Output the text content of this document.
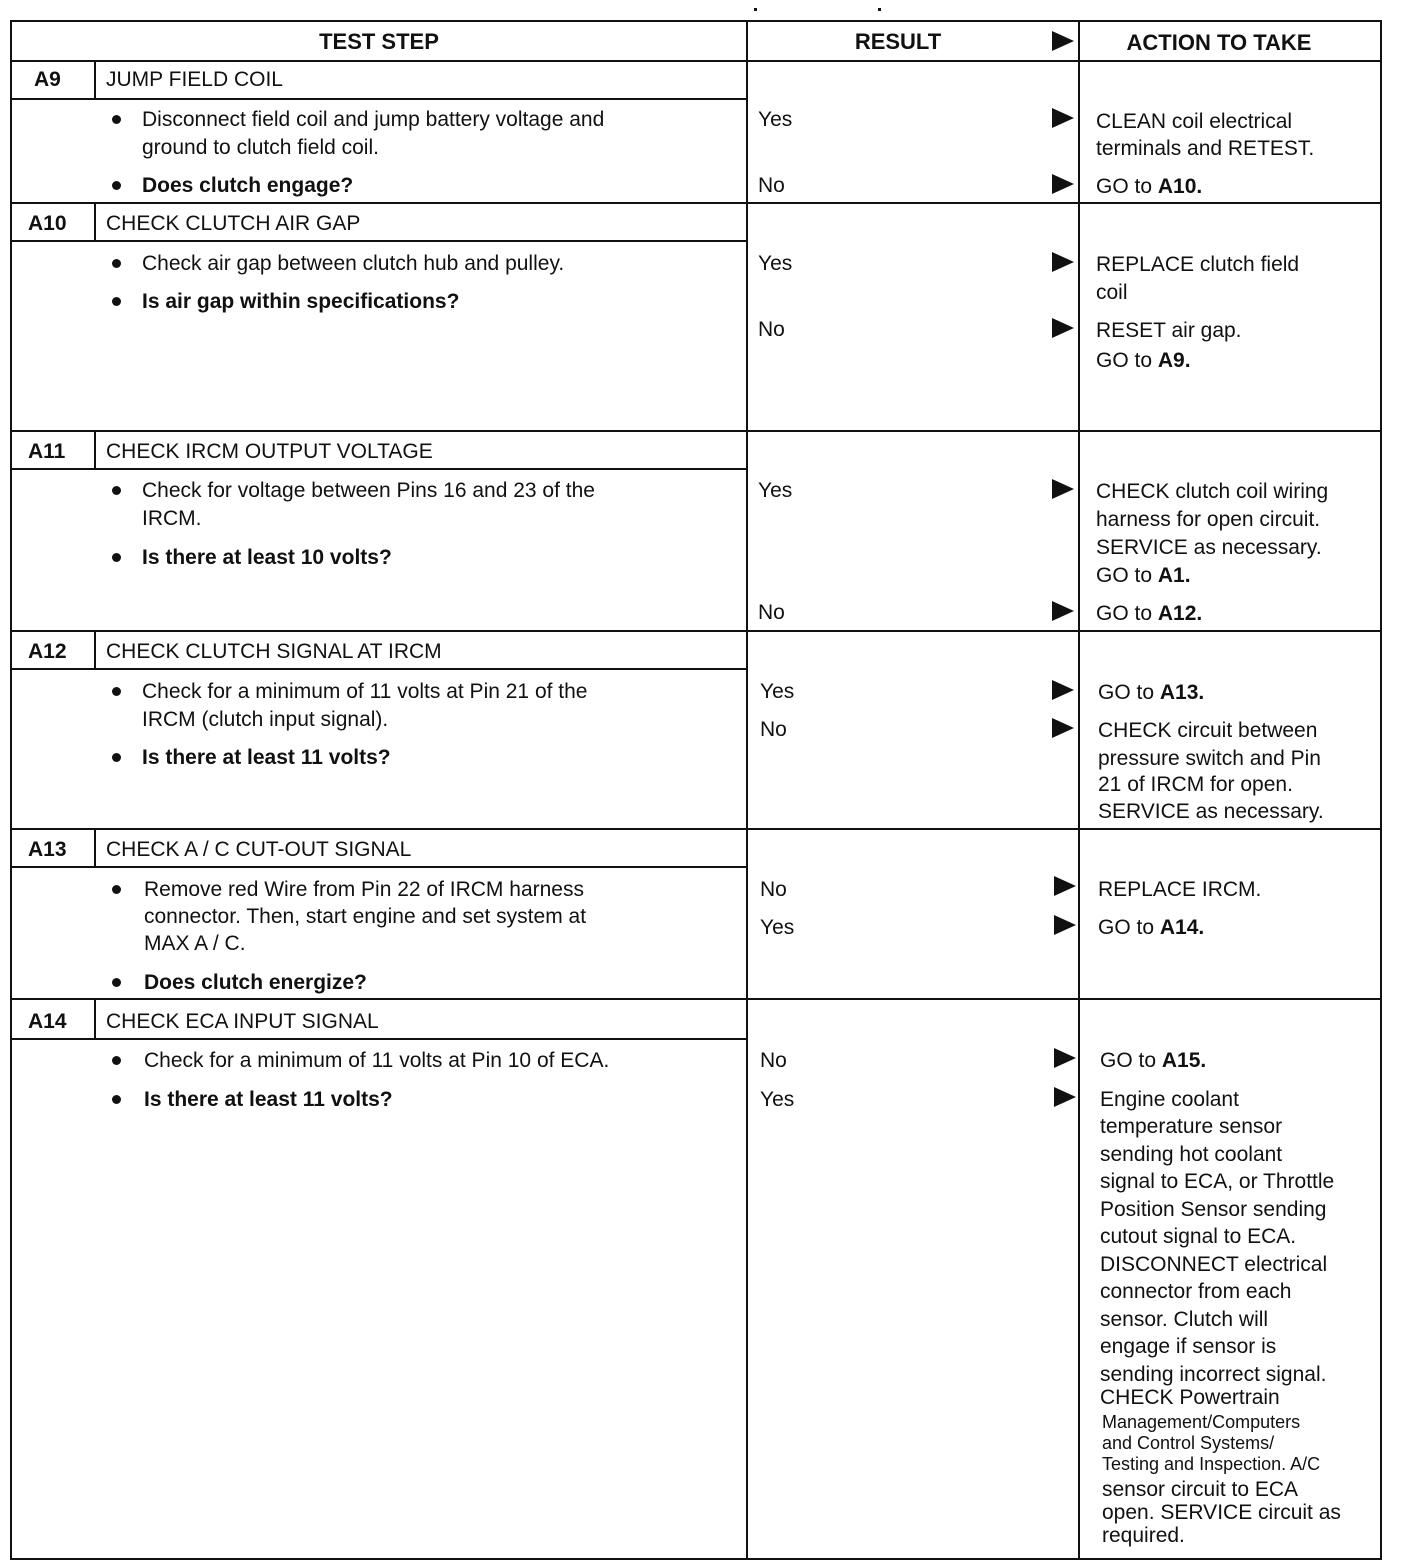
TEST STEP	RESULT	ACTION TO TAKE
A9 JUMP FIELD COIL
Disconnect field coil and jump battery voltage and
ground to clutch field coil.
Does clutch engage?
Yes
No
CLEAN coil electrical
terminals and RETEST.
GO to A10.
A10 CHECK CLUTCH AIR GAP
Check air gap between clutch hub and pulley.
Is air gap within specifications?
Yes
No
REPLACE clutch field
coil
RESET air gap.
GO to A9.
A11 CHECK IRCM OUTPUT VOLTAGE
Check for voltage between Pins 16 and 23 of the
IRCM.
Is there at least 10 volts?
Yes
No
CHECK clutch coil wiring
harness for open circuit.
SERVICE as necessary.
GO to A1.
GO to A12.
A12 CHECK CLUTCH SIGNAL AT IRCM
Check for a minimum of 11 volts at Pin 21 of the
IRCM (clutch input signal).
Is there at least 11 volts?
Yes
No
GO to A13.
CHECK circuit between
pressure switch and Pin
21 of IRCM for open.
SERVICE as necessary.
A13 CHECK A / C CUT-OUT SIGNAL
Remove red Wire from Pin 22 of IRCM harness
connector. Then, start engine and set system at
MAX A / C.
Does clutch energize?
No
Yes
REPLACE IRCM.
GO to A14.
A14 CHECK ECA INPUT SIGNAL
Check for a minimum of 11 volts at Pin 10 of ECA.
Is there at least 11 volts?
No
Yes
GO to A15.
Engine coolant
temperature sensor
sending hot coolant
signal to ECA, or Throttle
Position Sensor sending
cutout signal to ECA.
DISCONNECT electrical
connector from each
sensor. Clutch will
engage if sensor is
sending incorrect signal.
CHECK Powertrain
Management/Computers
and Control Systems/
Testing and Inspection. A/C
sensor circuit to ECA
open. SERVICE circuit as
required.
